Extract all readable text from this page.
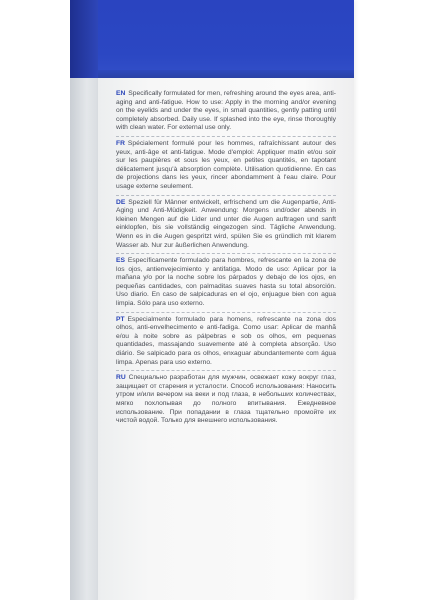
EN Specifically formulated for men, refreshing around the eyes area, anti-aging and anti-fatigue. How to use: Apply in the morning and/or evening on the eyelids and under the eyes, in small quantities, gently patting until completely absorbed. Daily use. If splashed into the eye, rinse thoroughly with clean water. For external use only.

FR Spécialement formulé pour les hommes, rafraîchissant autour des yeux, anti-âge et anti-fatigue. Mode d'emploi: Appliquer matin et/ou soir sur les paupières et sous les yeux, en petites quantités, en tapotant délicatement jusqu'à absorption complète. Utilisation quotidienne. En cas de projections dans les yeux, rincer abondamment à l'eau claire. Pour usage externe seulement.

DE Speziell für Männer entwickelt, erfrischend um die Augenpartie, Anti-Aging und Anti-Müdigkeit. Anwendung: Morgens und/oder abends in kleinen Mengen auf die Lider und unter die Augen auftragen und sanft einklopfen, bis sie vollständig eingezogen sind. Tägliche Anwendung. Wenn es in die Augen gespritzt wird, spülen Sie es gründlich mit klarem Wasser ab. Nur zur äußerlichen Anwendung.

ES Específicamente formulado para hombres, refrescante en la zona de los ojos, antienvejecimiento y antifatiga. Modo de uso: Aplicar por la mañana y/o por la noche sobre los párpados y debajo de los ojos, en pequeñas cantidades, con palmaditas suaves hasta su total absorción. Uso diario. En caso de salpicaduras en el ojo, enjuague bien con agua limpia. Sólo para uso externo.

PT Especialmente formulado para homens, refrescante na zona dos olhos, anti-envelhecimento e anti-fadiga. Como usar: Aplicar de manhã e/ou à noite sobre as pálpebras e sob os olhos, em pequenas quantidades, massajando suavemente até à completa absorção. Uso diário. Se salpicado para os olhos, enxaguar abundantemente com água limpa. Apenas para uso externo.

RU Специально разработан для мужчин, освежает кожу вокруг глаз, защищает от старения и усталости. Способ использования: Наносить утром и/или вечером на веки и под глаза, в небольших количествах, мягко похлопывая до полного впитывания. Ежедневное использование. При попадании в глаза тщательно промойте их чистой водой. Только для внешнего использования.
